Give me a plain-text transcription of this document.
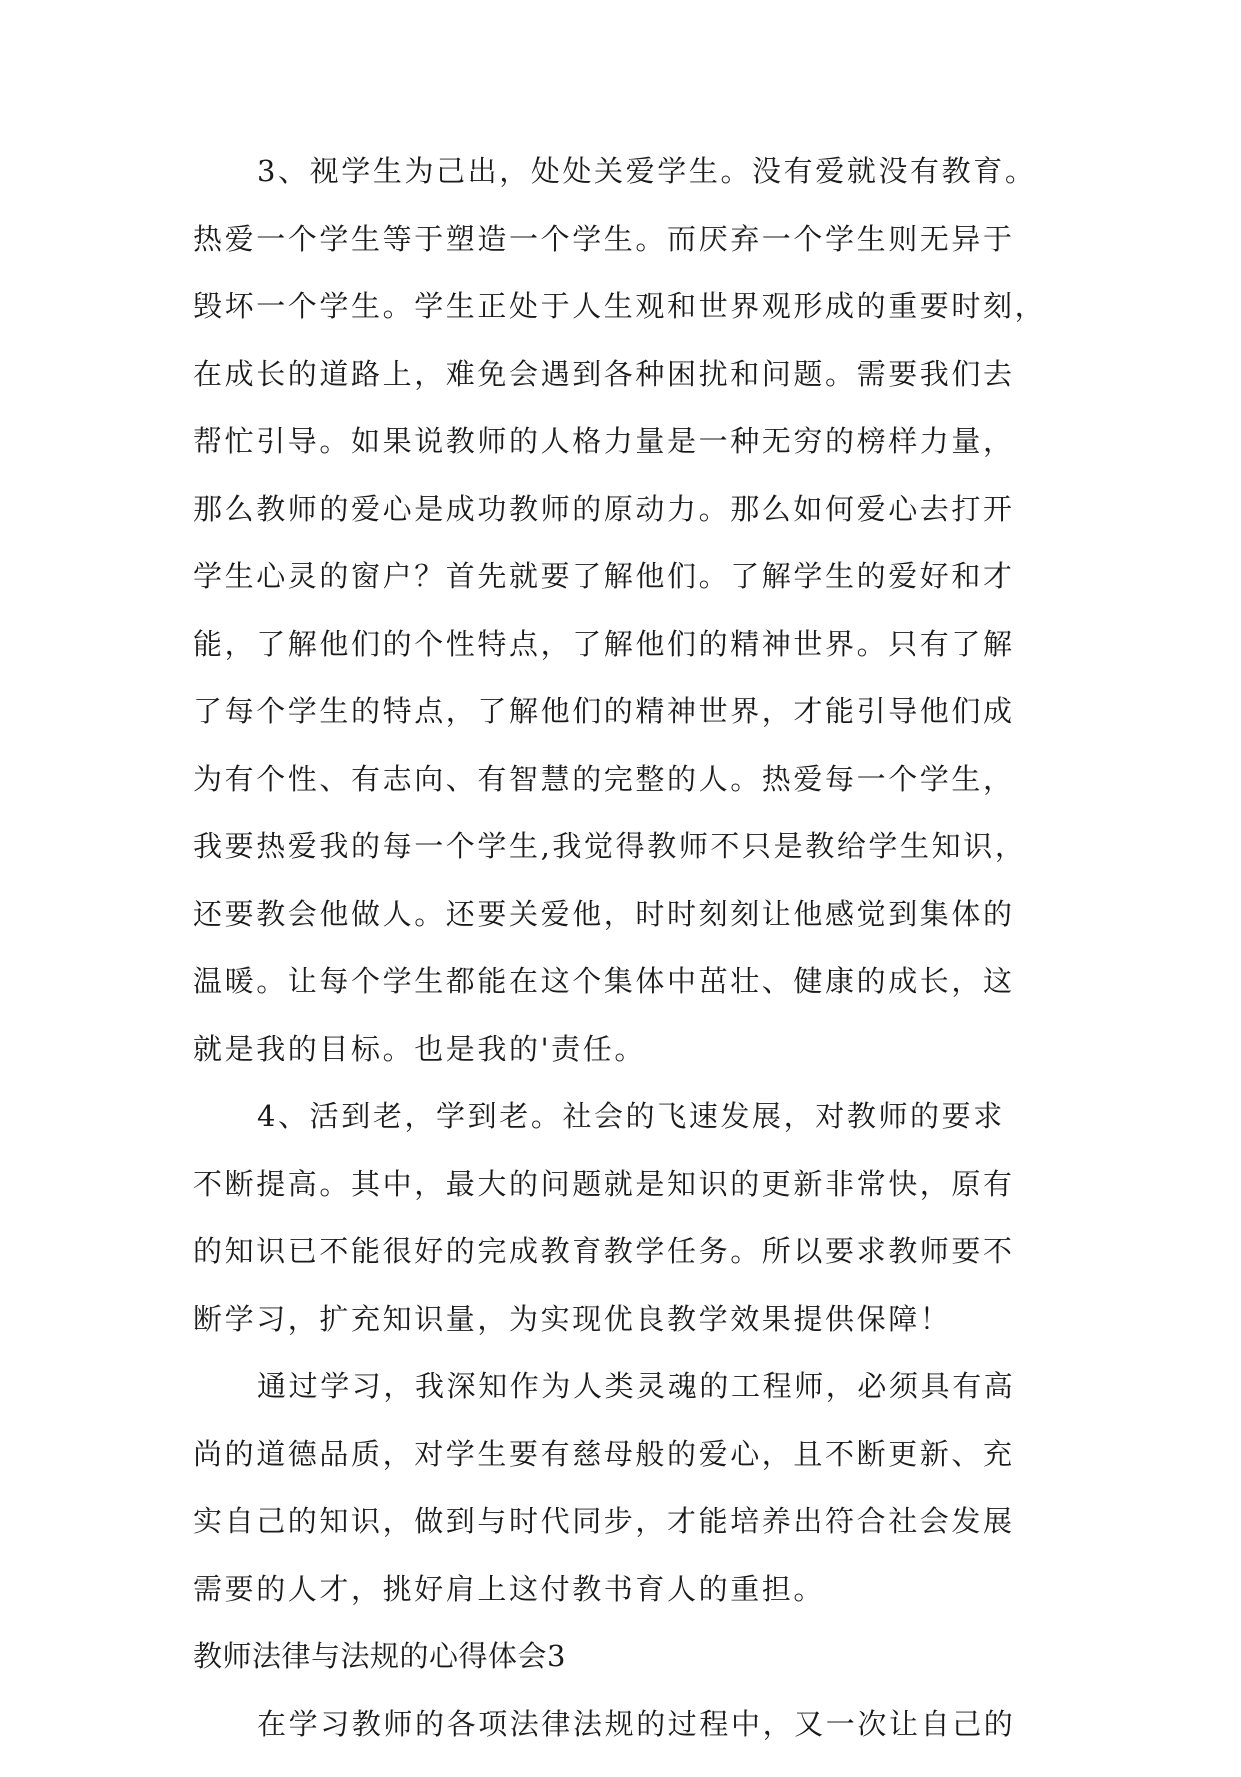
3、视学生为己出，处处关爱学生。没有爱就没有教育。
热爱一个学生等于塑造一个学生。而厌弃一个学生则无异于
毁坏一个学生。学生正处于人生观和世界观形成的重要时刻，
在成长的道路上，难免会遇到各种困扰和问题。需要我们去
帮忙引导。如果说教师的人格力量是一种无穷的榜样力量，
那么教师的爱心是成功教师的原动力。那么如何爱心去打开
学生心灵的窗户？首先就要了解他们。了解学生的爱好和才
能，了解他们的个性特点，了解他们的精神世界。只有了解
了每个学生的特点，了解他们的精神世界，才能引导他们成
为有个性、有志向、有智慧的完整的人。热爱每一个学生，
我要热爱我的每一个学生,我觉得教师不只是教给学生知识，
还要教会他做人。还要关爱他，时时刻刻让他感觉到集体的
温暖。让每个学生都能在这个集体中茁壮、健康的成长，这
就是我的目标。也是我的'责任。
4、活到老，学到老。社会的飞速发展，对教师的要求
不断提高。其中，最大的问题就是知识的更新非常快，原有
的知识已不能很好的完成教育教学任务。所以要求教师要不
断学习，扩充知识量，为实现优良教学效果提供保障！
通过学习，我深知作为人类灵魂的工程师，必须具有高
尚的道德品质，对学生要有慈母般的爱心，且不断更新、充
实自己的知识，做到与时代同步，才能培养出符合社会发展
需要的人才，挑好肩上这付教书育人的重担。
教师法律与法规的心得体会3
在学习教师的各项法律法规的过程中，又一次让自己的
